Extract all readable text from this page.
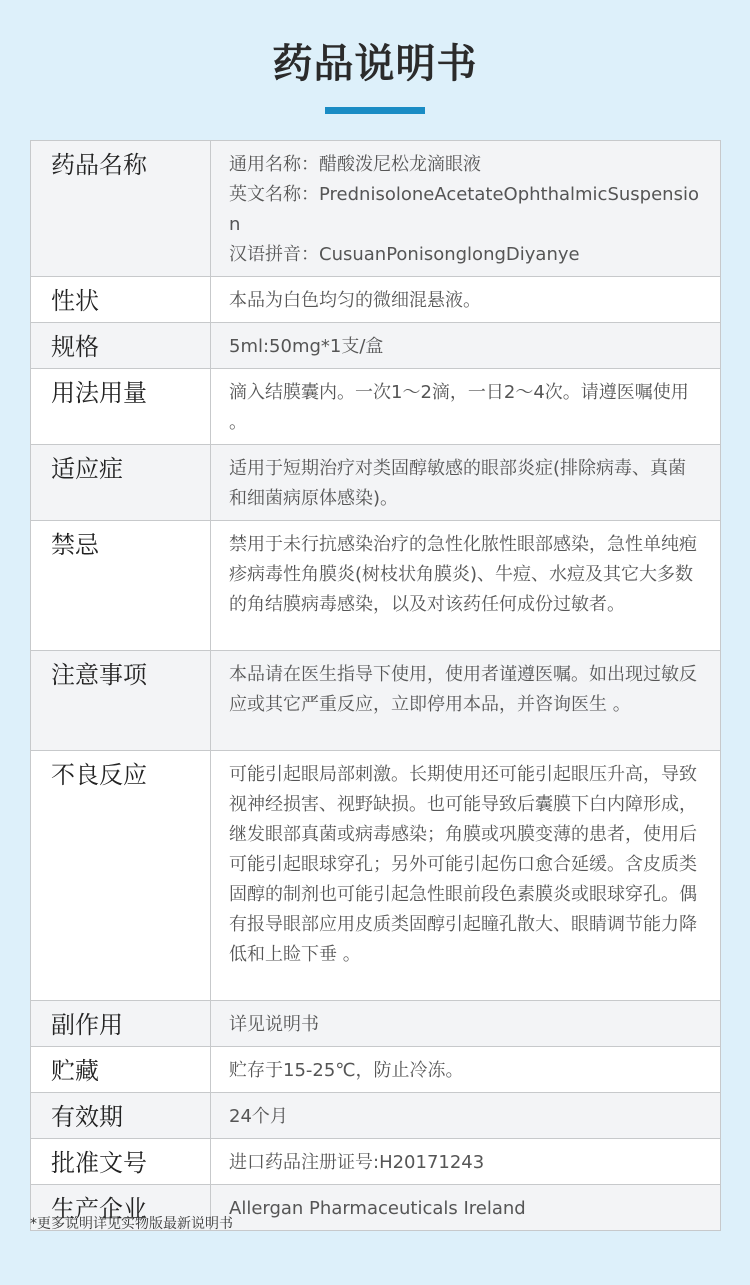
药品说明书
药品名称	通用名称：醋酸泼尼松龙滴眼液
英文名称：PrednisoloneAcetateOphthalmicSuspension
汉语拼音：CusuanPonisonglongDiyanye

性状	本品为白色均匀的微细混悬液。
规格	5ml:50mg*1支/盒
用法用量	滴入结膜囊内。一次1～2滴，一日2～4次。请遵医嘱使用 。
适应症	适用于短期治疗对类固醇敏感的眼部炎症(排除病毒、真菌和细菌病原体感染)。
禁忌	禁用于未行抗感染治疗的急性化脓性眼部感染，急性单纯疱疹病毒性角膜炎(树枝状角膜炎)、牛痘、水痘及其它大多数的角结膜病毒感染，以及对该药任何成份过敏者。
注意事项	本品请在医生指导下使用，使用者谨遵医嘱。如出现过敏反应或其它严重反应，立即停用本品，并咨询医生 。
不良反应	可能引起眼局部刺激。长期使用还可能引起眼压升高，导致视神经损害、视野缺损。也可能导致后囊膜下白内障形成，继发眼部真菌或病毒感染；角膜或巩膜变薄的患者，使用后可能引起眼球穿孔；另外可能引起伤口愈合延缓。含皮质类固醇的制剂也可能引起急性眼前段色素膜炎或眼球穿孔。偶有报导眼部应用皮质类固醇引起瞳孔散大、眼睛调节能力降低和上睑下垂 。
副作用	详见说明书
贮藏	贮存于15-25℃，防止冷冻。
有效期	24个月
批准文号	进口药品注册证号:H20171243
生产企业	Allergan Pharmaceuticals Ireland
*更多说明详见实物版最新说明书
